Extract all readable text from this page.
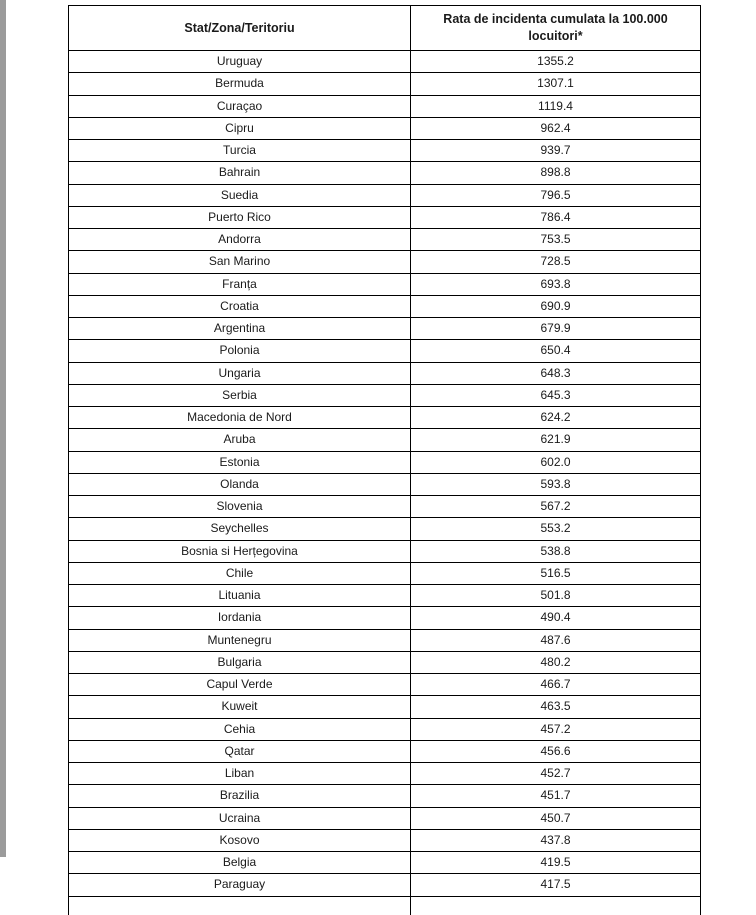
Stat/Zona/Teritoriu	Rata de incidenta cumulata la 100.000 locuitori*
Uruguay	1355.2
Bermuda	1307.1
Curaçao	1119.4
Cipru	962.4
Turcia	939.7
Bahrain	898.8
Suedia	796.5
Puerto Rico	786.4
Andorra	753.5
San Marino	728.5
Franța	693.8
Croatia	690.9
Argentina	679.9
Polonia	650.4
Ungaria	648.3
Serbia	645.3
Macedonia de Nord	624.2
Aruba	621.9
Estonia	602.0
Olanda	593.8
Slovenia	567.2
Seychelles	553.2
Bosnia si Herțegovina	538.8
Chile	516.5
Lituania	501.8
Iordania	490.4
Muntenegru	487.6
Bulgaria	480.2
Capul Verde	466.7
Kuweit	463.5
Cehia	457.2
Qatar	456.6
Liban	452.7
Brazilia	451.7
Ucraina	450.7
Kosovo	437.8
Belgia	419.5
Paraguay	417.5
